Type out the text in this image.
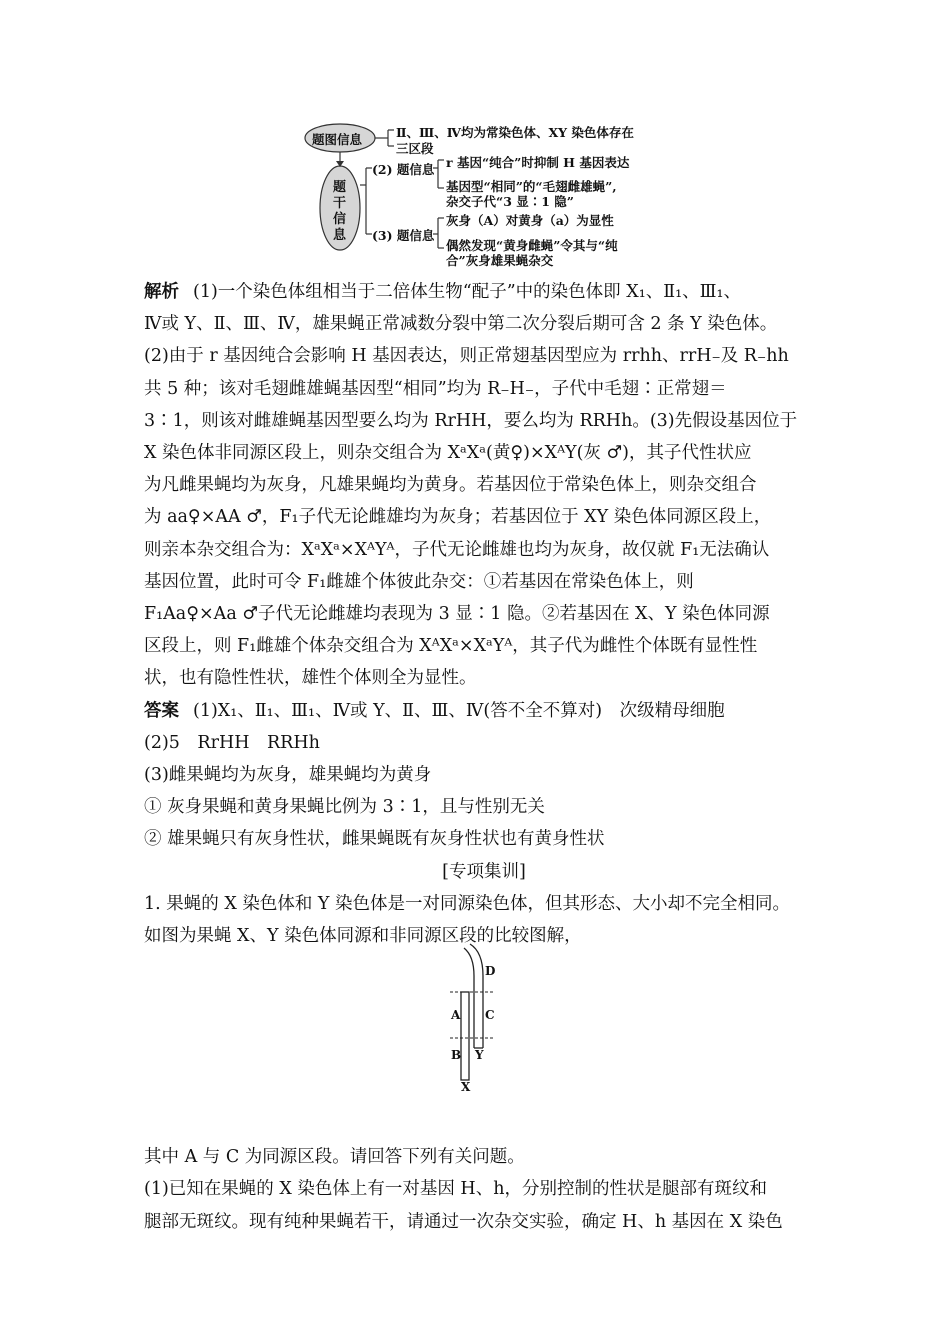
题图信息
题
干
信
息
Ⅱ、Ⅲ、Ⅳ均为常染色体、XY 染色体存在
三区段
(2) 题信息 r 基因“纯合”时抑制 H 基因表达
基因型“相同”的“毛翅雌雄蝇”,
杂交子代“3 显∶1 隐”
(3) 题信息
灰身（A）对黄身（a）为显性
偶然发现“黄身雌蝇”令其与“纯
合”灰身雄果蝇杂交

解析 (1)一个染色体组相当于二倍体生物“配子”中的染色体即 X₁、Ⅱ₁、Ⅲ₁、

Ⅳ或 Y、Ⅱ、Ⅲ、Ⅳ，雄果蝇正常减数分裂中第二次分裂后期可含 2 条 Y 染色体。

(2)由于 r 基因纯合会影响 H 基因表达，则正常翅基因型应为 rrhh、rrH₋及 R₋hh

共 5 种；该对毛翅雌雄蝇基因型“相同”均为 R₋H₋，子代中毛翅∶正常翅＝

3∶1，则该对雌雄蝇基因型要么均为 RrHH，要么均为 RRHh。(3)先假设基因位于

X 染色体非同源区段上，则杂交组合为 XᵃXᵃ(黄♀)×XᴬY(灰 ♂)，其子代性状应

为凡雌果蝇均为灰身，凡雄果蝇均为黄身。若基因位于常染色体上，则杂交组合

为 aa♀×AA ♂，F₁子代无论雌雄均为灰身；若基因位于 XY 染色体同源区段上，

则亲本杂交组合为：XᵃXᵃ×XᴬYᴬ，子代无论雌雄也均为灰身，故仅就 F₁无法确认

基因位置，此时可令 F₁雌雄个体彼此杂交：①若基因在常染色体上，则

F₁Aa♀×Aa ♂子代无论雌雄均表现为 3 显∶1 隐。②若基因在 X、Y 染色体同源

区段上，则 F₁雌雄个体杂交组合为 XᴬXᵃ×XᵃYᴬ，其子代为雌性个体既有显性性

状，也有隐性性状，雄性个体则全为显性。

答案 (1)X₁、Ⅱ₁、Ⅲ₁、Ⅳ或 Y、Ⅱ、Ⅲ、Ⅳ(答不全不算对)　次级精母细胞

(2)5　RrHH　RRHh

(3)雌果蝇均为灰身，雄果蝇均为黄身

① 灰身果蝇和黄身果蝇比例为 3∶1，且与性别无关

② 雄果蝇只有灰身性状，雌果蝇既有灰身性状也有黄身性状

[专项集训]

1. 果蝇的 X 染色体和 Y 染色体是一对同源染色体，但其形态、大小却不完全相同。

如图为果蝇 X、Y 染色体同源和非同源区段的比较图解，

其中 A 与 C 为同源区段。请回答下列有关问题。

(1)已知在果蝇的 X 染色体上有一对基因 H、h，分别控制的性状是腿部有斑纹和

腿部无斑纹。现有纯种果蝇若干，请通过一次杂交实验，确定 H、h 基因在 X 染色

A
B
C
D
X
Y
